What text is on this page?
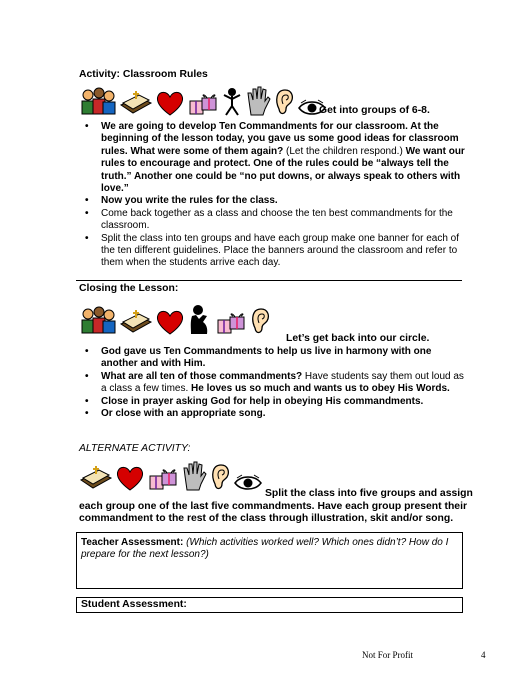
Activity: Classroom Rules
Get into groups of 6-8.
• We are going to develop Ten Commandments for our classroom. At the beginning of the lesson today, you gave us some good ideas for classroom rules. What were some of them again? (Let the children respond.) We want our rules to encourage and protect. One of the rules could be “always tell the truth.” Another one could be “no put downs, or always speak to others with love.”
• Now you write the rules for the class.
• Come back together as a class and choose the ten best commandments for the classroom.
• Split the class into ten groups and have each group make one banner for each of the ten different guidelines. Place the banners around the classroom and refer to them when the students arrive each day.
Closing the Lesson:
Let’s get back into our circle.
• God gave us Ten Commandments to help us live in harmony with one another and with Him.
• What are all ten of those commandments? Have students say them out loud as a class a few times. He loves us so much and wants us to obey His Words.
• Close in prayer asking God for help in obeying His commandments.
• Or close with an appropriate song.
ALTERNATE ACTIVITY:
Split the class into five groups and assign
each group one of the last five commandments. Have each group present their commandment to the rest of the class through illustration, skit and/or song.
Teacher Assessment: (Which activities worked well? Which ones didn’t? How do I prepare for the next lesson?)
Student Assessment:
Not For Profit	4
